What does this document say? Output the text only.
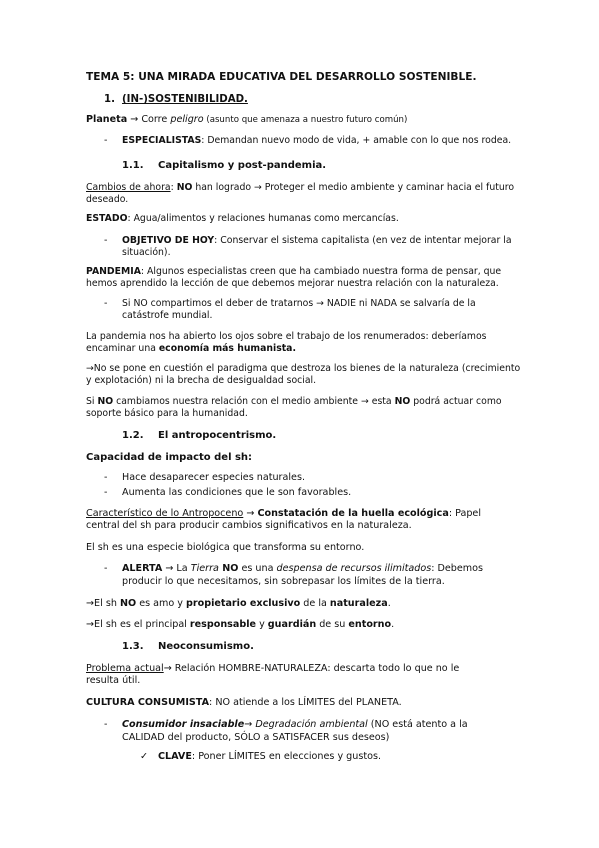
TEMA 5: UNA MIRADA EDUCATIVA DEL DESARROLLO SOSTENIBLE.
1. (IN-)SOSTENIBILIDAD.
Planeta → Corre peligro (asunto que amenaza a nuestro futuro común)
- ESPECIALISTAS: Demandan nuevo modo de vida, + amable con lo que nos rodea.
1.1. Capitalismo y post-pandemia.
Cambios de ahora: NO han logrado → Proteger el medio ambiente y caminar hacia el futuro
deseado.
ESTADO: Agua/alimentos y relaciones humanas como mercancías.
- OBJETIVO DE HOY: Conservar el sistema capitalista (en vez de intentar mejorar la
situación).
PANDEMIA: Algunos especialistas creen que ha cambiado nuestra forma de pensar, que
hemos aprendido la lección de que debemos mejorar nuestra relación con la naturaleza.
- Si NO compartimos el deber de tratarnos → NADIE ni NADA se salvaría de la
catástrofe mundial.
La pandemia nos ha abierto los ojos sobre el trabajo de los renumerados: deberíamos
encaminar una economía más humanista.
→No se pone en cuestión el paradigma que destroza los bienes de la naturaleza (crecimiento
y explotación) ni la brecha de desigualdad social.
Si NO cambiamos nuestra relación con el medio ambiente → esta NO podrá actuar como
soporte básico para la humanidad.
1.2. El antropocentrismo.
Capacidad de impacto del sh:
- Hace desaparecer especies naturales.
- Aumenta las condiciones que le son favorables.
Característico de lo Antropoceno → Constatación de la huella ecológica: Papel
central del sh para producir cambios significativos en la naturaleza.
El sh es una especie biológica que transforma su entorno.
- ALERTA → La Tierra NO es una despensa de recursos ilimitados: Debemos
producir lo que necesitamos, sin sobrepasar los límites de la tierra.
→El sh NO es amo y propietario exclusivo de la naturaleza.
→El sh es el principal responsable y guardián de su entorno.
1.3. Neoconsumismo.
Problema actual→ Relación HOMBRE-NATURALEZA: descarta todo lo que no le
resulta útil.
CULTURA CONSUMISTA: NO atiende a los LÍMITES del PLANETA.
- Consumidor insaciable→ Degradación ambiental (NO está atento a la
CALIDAD del producto, SÓLO a SATISFACER sus deseos)
✓ CLAVE: Poner LÍMITES en elecciones y gustos.
